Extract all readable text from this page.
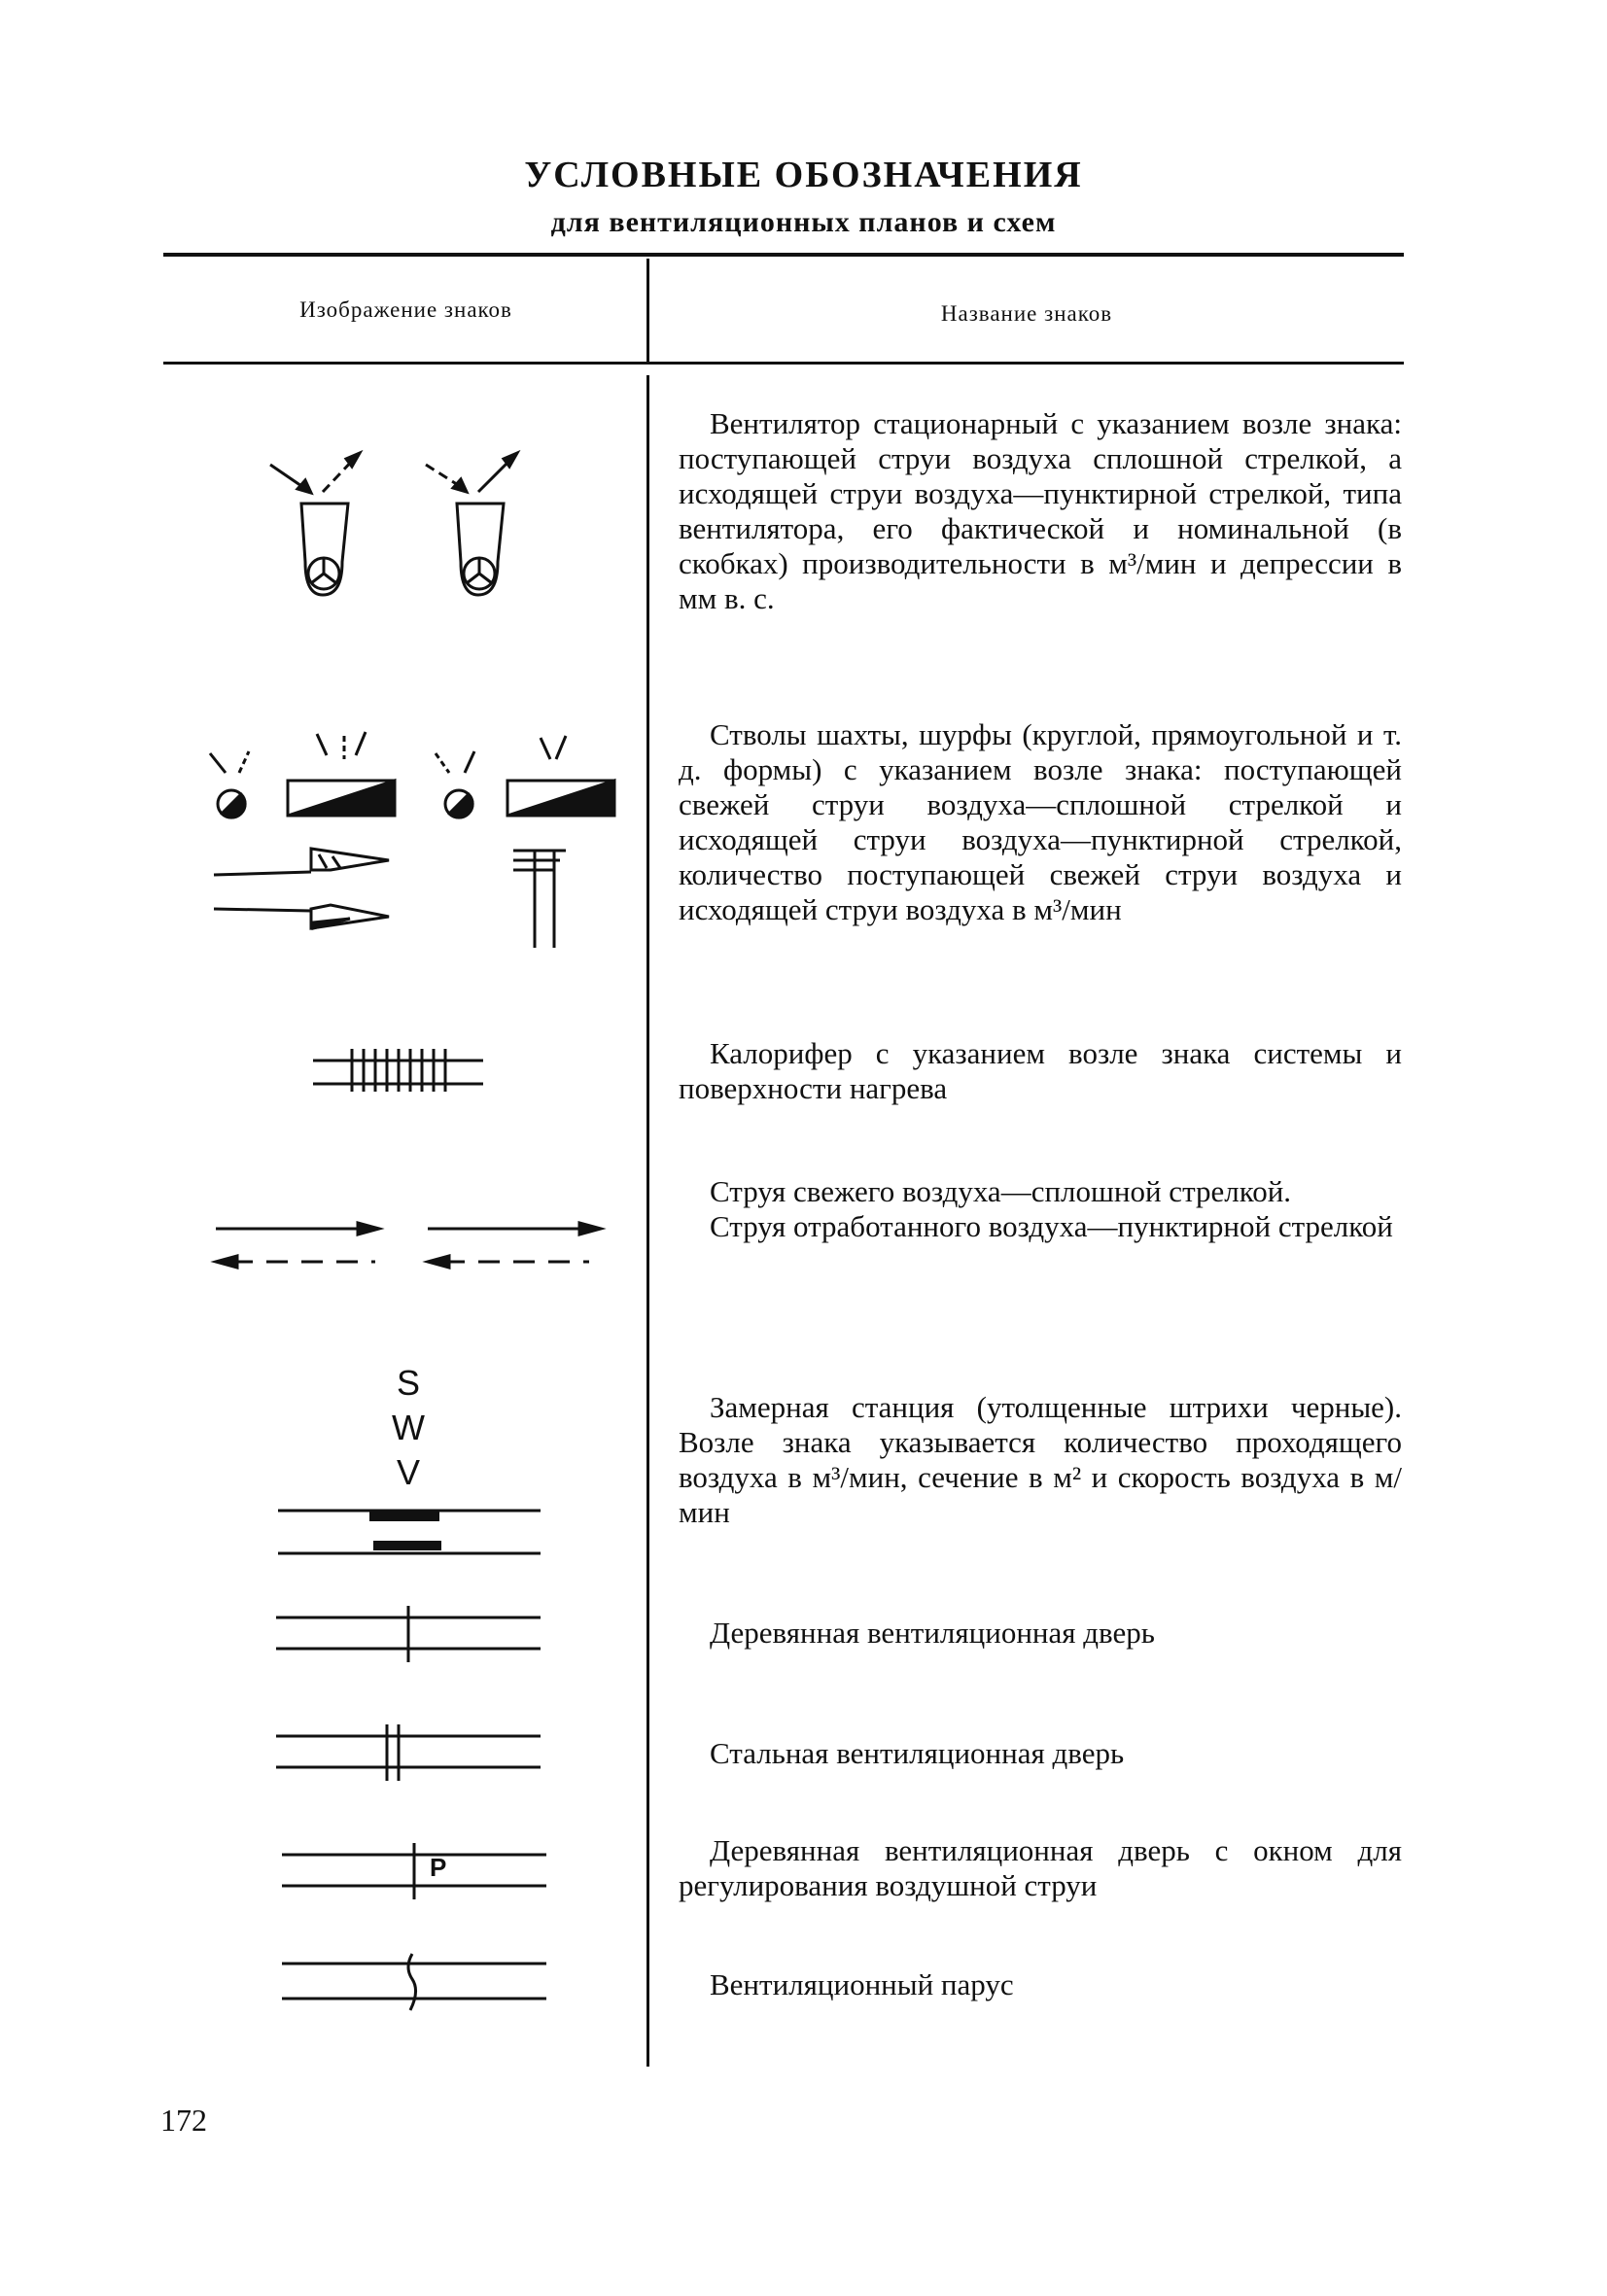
УСЛОВНЫЕ ОБОЗНАЧЕНИЯ
для вентиляционных планов и схем
Изображение знаков	Название знаков

Вентилятор стационарный с указанием возле знака: поступающей струи воздуха сплошной стрелкой, а исходящей струи воздуха—пунктирной стрелкой, типа вентилятора, его фактической и номинальной (в скобках) производительности в м³/мин и депрессии в мм в. с.

Стволы шахты, шурфы (круглой, прямоугольной и т. д. формы) с указанием возле знака: поступающей свежей струи воздуха—сплошной стрелкой и исходящей струи воздуха—пунктирной стрелкой, количество поступающей свежей струи воздуха и исходящей струи воздуха в м³/мин

Калорифер с указанием возле знака системы и поверхности нагрева

Струя свежего воздуха—сплошной стрелкой.

Струя отработанного воздуха—пунктирной стрелкой

S
W
V

Замерная станция (утолщенные штрихи черные). Возле знака указывается количество проходящего воздуха в м³/мин, сечение в м² и скорость воздуха в м/мин

Деревянная вентиляционная дверь

Стальная вентиляционная дверь

P	Деревянная вентиляционная дверь с окном для регулирования воздушной струи

Вентиляционный парус

172
